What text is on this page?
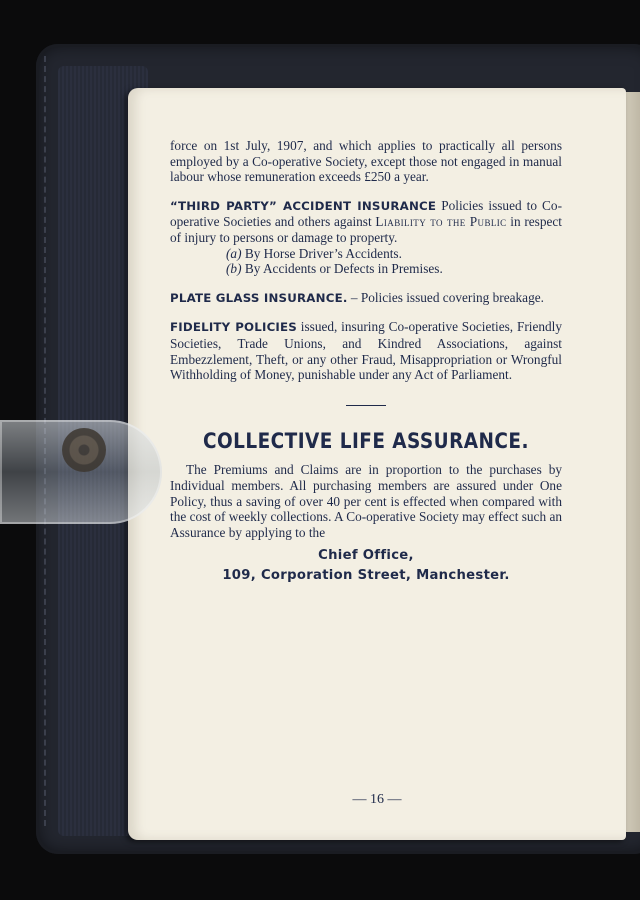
force on 1st July, 1907, and which applies to practically all persons employed by a Co-operative Society, except those not engaged in manual labour whose remuneration exceeds £250 a year.

“THIRD PARTY” ACCIDENT INSURANCE Policies issued to Co-operative Societies and others against Liability to the Public in respect of injury to persons or damage to property.

(a) By Horse Driver’s Accidents.

(b) By Accidents or Defects in Premises.

PLATE GLASS INSURANCE. – Policies issued covering breakage.

FIDELITY POLICIES issued, insuring Co-operative Societies, Friendly Societies, Trade Unions, and Kindred Associations, against Embezzlement, Theft, or any other Fraud, Misappropriation or Wrongful Withholding of Money, punishable under any Act of Parliament.

COLLECTIVE LIFE ASSURANCE.

The Premiums and Claims are in proportion to the purchases by Individual members. All purchasing members are assured under One Policy, thus a saving of over 40 per cent is effected when compared with the cost of weekly collections. A Co-operative Society may effect such an Assurance by applying to the

Chief Office,
109, Corporation Street, Manchester.
— 16 —
